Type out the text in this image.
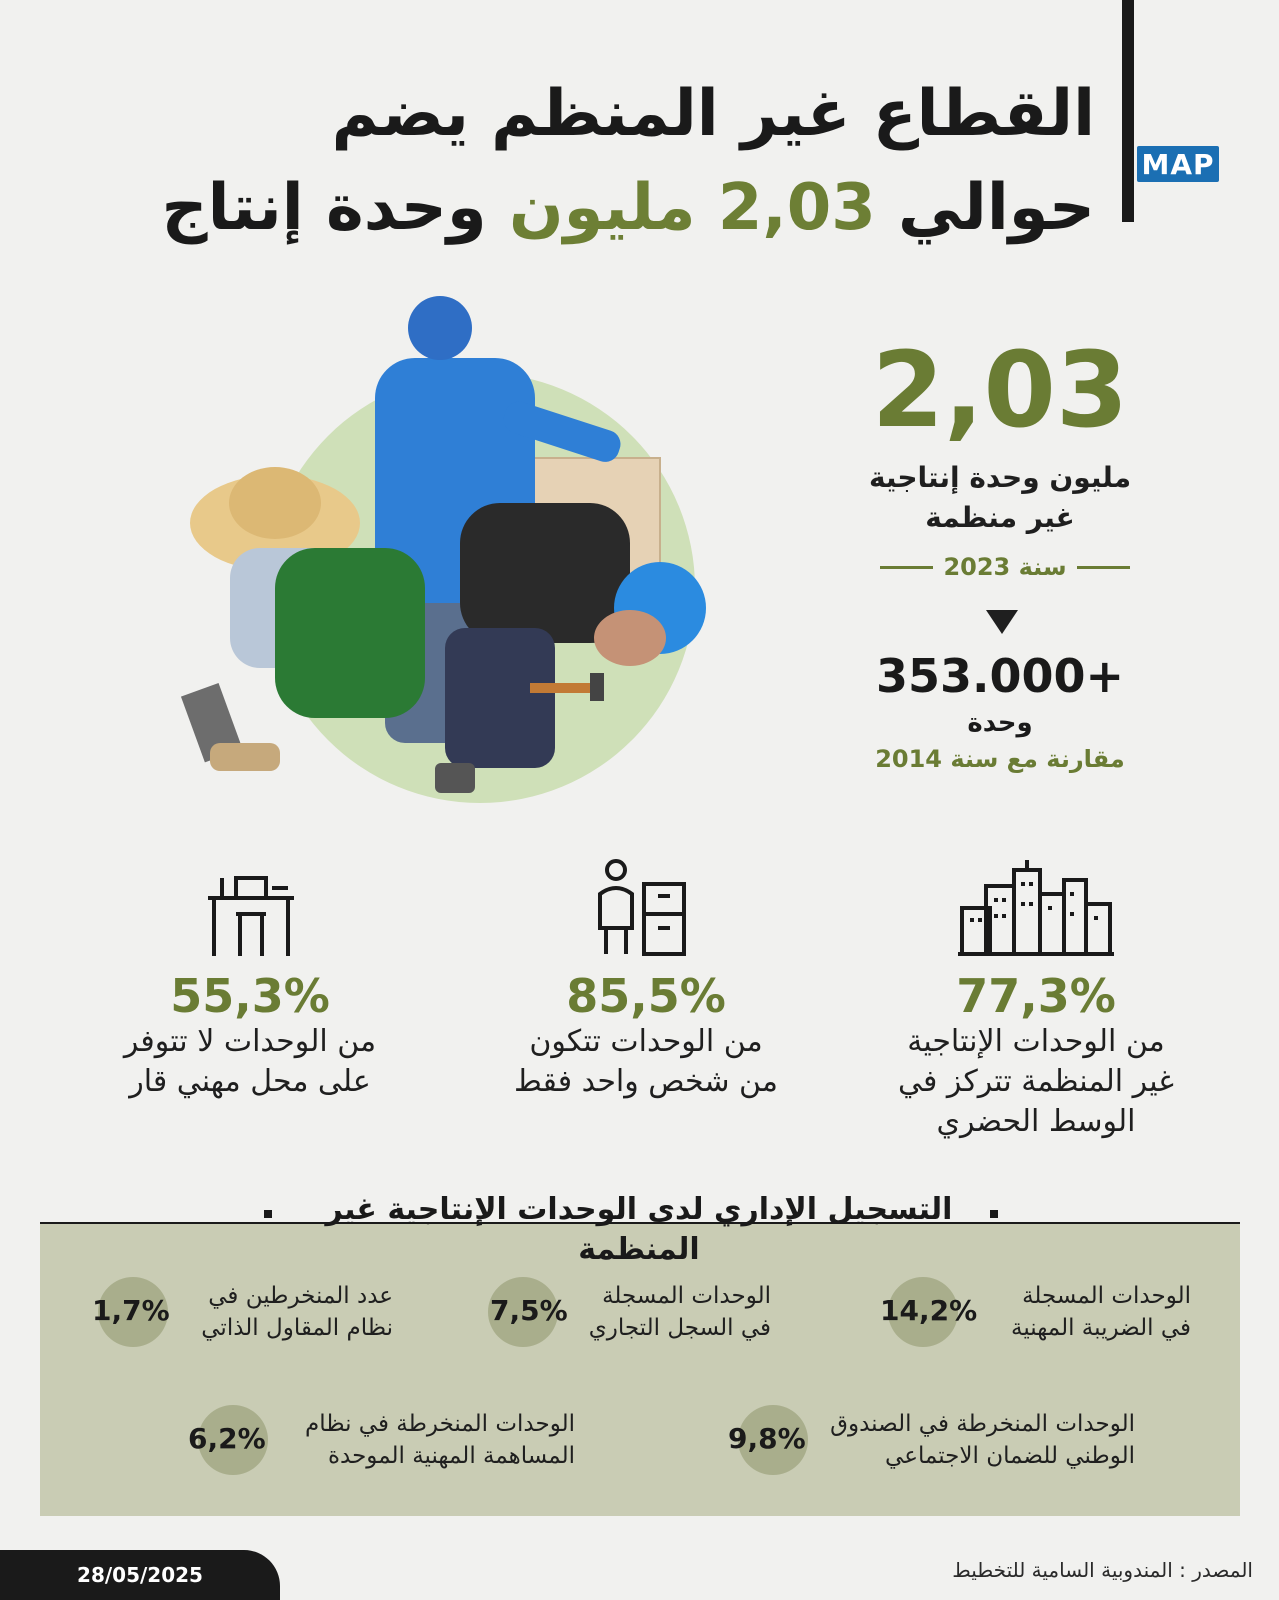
MAP
القطاع غير المنظم يضم
حوالي 2,03 مليون وحدة إنتاج
2,03
مليون وحدة إنتاجية
غير منظمة
سنة 2023
+353.000
وحدة
مقارنة مع سنة 2014
77,3%
من الوحدات الإنتاجية
غير المنظمة تتركز في
الوسط الحضري
85,5%
من الوحدات تتكون
من شخص واحد فقط
55,3%
من الوحدات لا تتوفر
على محل مهني قار
التسجيل الإداري لدى الوحدات الإنتاجية غير المنظمة
14,2%	الوحدات المسجلة
في الضريبة المهنية
7,5%	الوحدات المسجلة
في السجل التجاري
1,7%	عدد المنخرطين في
نظام المقاول الذاتي
9,8% الوحدات المنخرطة في الصندوق
الوطني للضمان الاجتماعي
6,2% الوحدات المنخرطة في نظام
المساهمة المهنية الموحدة
28/05/2025	المصدر : المندوبية السامية للتخطيط
